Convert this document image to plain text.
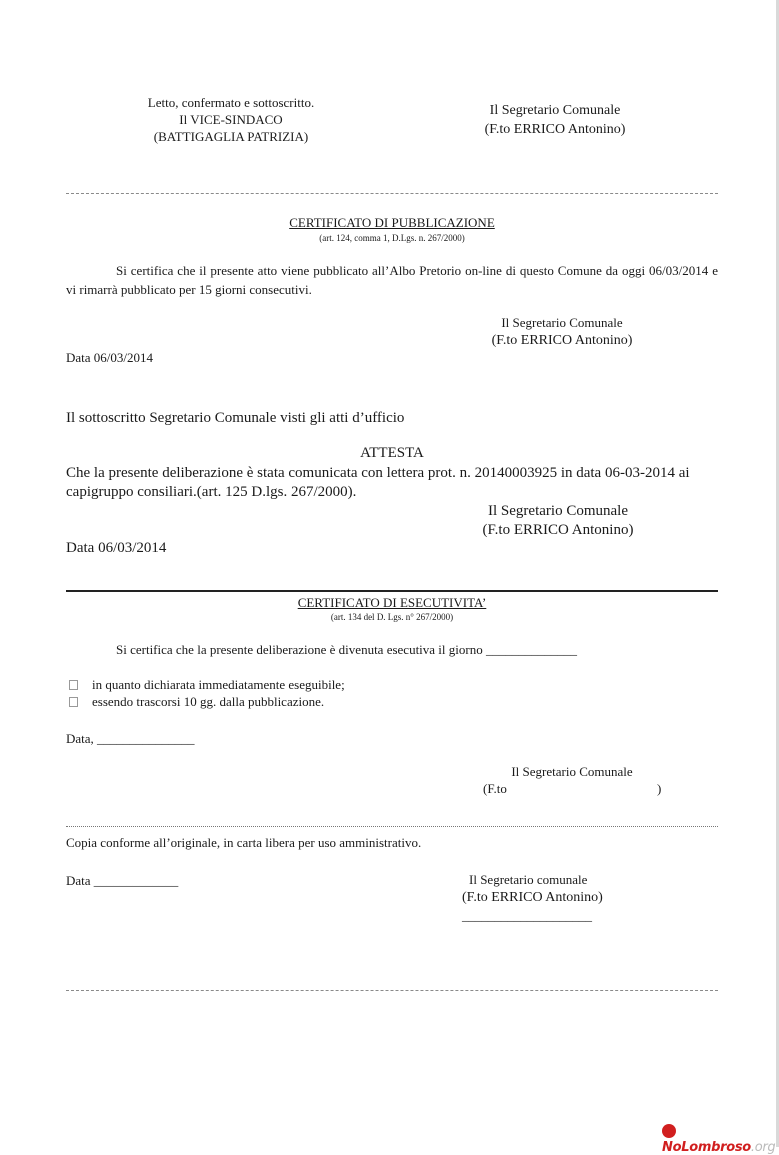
Letto, confermato e sottoscritto.
Il VICE-SINDACO
(BATTIGAGLIA PATRIZIA)
Il Segretario Comunale
(F.to ERRICO Antonino)
CERTIFICATO DI PUBBLICAZIONE
(art. 124, comma 1, D.Lgs. n. 267/2000)
Si certifica che il presente atto viene pubblicato all’Albo Pretorio on-line di questo Comune da oggi 06/03/2014 e vi rimarrà pubblicato per 15 giorni consecutivi.
Il Segretario Comunale
(F.to ERRICO Antonino)
Data 06/03/2014
Il sottoscritto Segretario Comunale visti gli atti d’ufficio
ATTESTA
Che la presente deliberazione è stata comunicata con lettera prot. n. 20140003925 in data 06-03-2014 ai capigruppo consiliari.(art. 125 D.lgs. 267/2000).
Il Segretario Comunale
(F.to ERRICO Antonino)
Data 06/03/2014
CERTIFICATO DI ESECUTIVITA’
(art. 134 del D. Lgs. n° 267/2000)
Si certifica che la presente deliberazione è divenuta esecutiva il giorno ______________
in quanto dichiarata immediatamente eseguibile;
essendo trascorsi 10 gg. dalla pubblicazione.
Data, _______________
Il Segretario Comunale
(F.to	)
Copia conforme all’originale, in carta libera per uso amministrativo.
Data _____________	Il Segretario comunale
(F.to ERRICO Antonino)
____________________
NoLombroso.org
